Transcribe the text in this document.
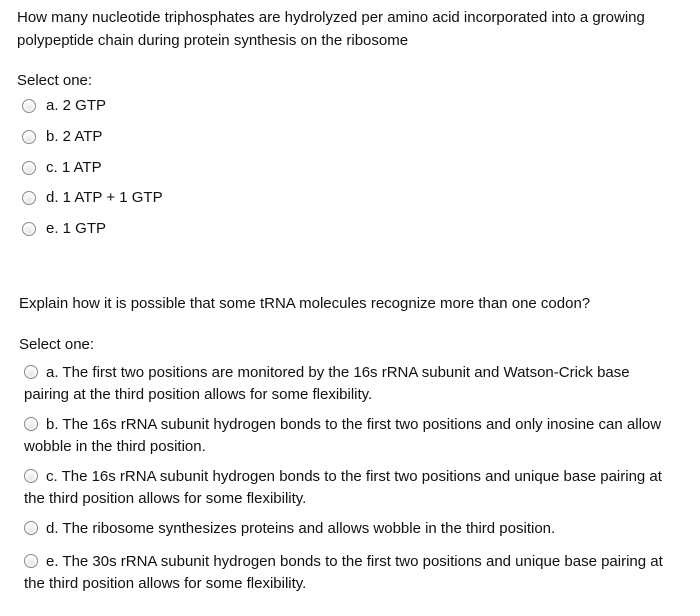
How many nucleotide triphosphates are hydrolyzed per amino acid incorporated into a growing
polypeptide chain during protein synthesis on the ribosome
Select one:
a. 2 GTP
b. 2 ATP
c. 1 ATP
d. 1 ATP + 1 GTP
e. 1 GTP
Explain how it is possible that some tRNA molecules recognize more than one codon?
Select one:
a. The first two positions are monitored by the 16s rRNA subunit and Watson-Crick base
pairing at the third position allows for some flexibility.
b. The 16s rRNA subunit hydrogen bonds to the first two positions and only inosine can allow
wobble in the third position.
c. The 16s rRNA subunit hydrogen bonds to the first two positions and unique base pairing at
the third position allows for some flexibility.
d. The ribosome synthesizes proteins and allows wobble in the third position.
e. The 30s rRNA subunit hydrogen bonds to the first two positions and unique base pairing at
the third position allows for some flexibility.
